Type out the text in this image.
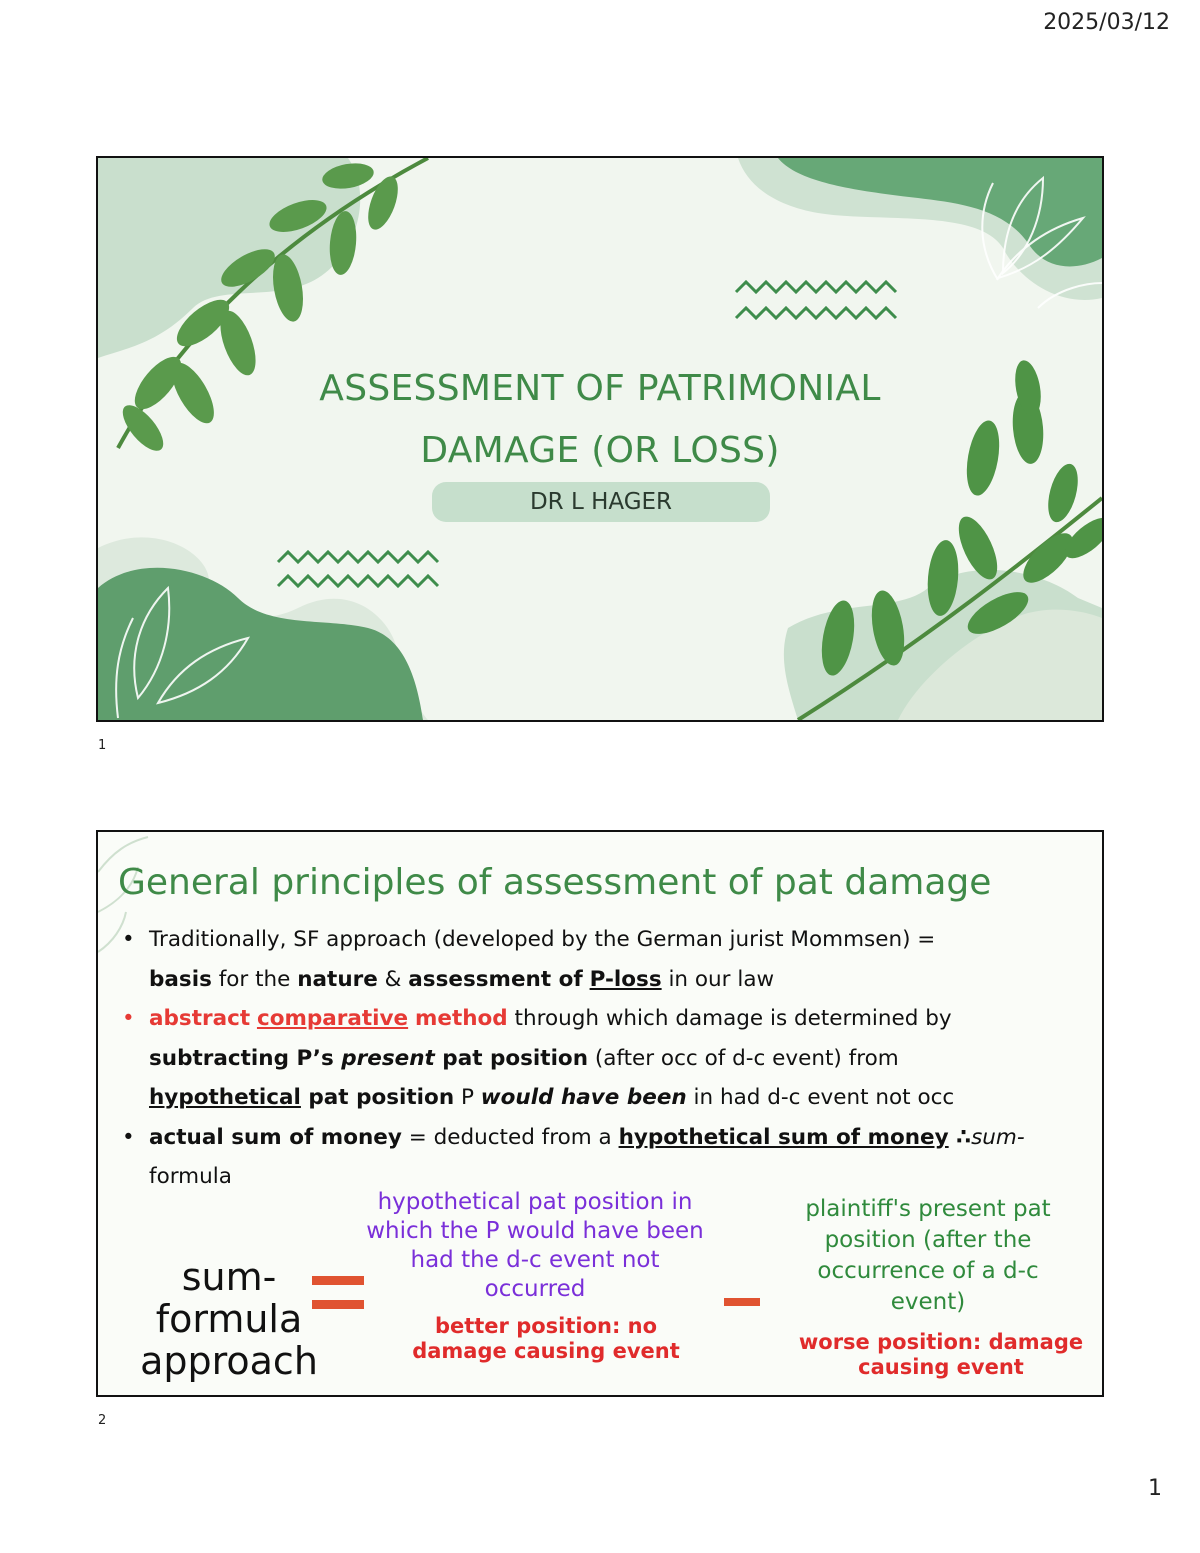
2025/03/12
ASSESSMENT OF PATRIMONIAL
DAMAGE (OR LOSS)
DR L HAGER
1
General principles of assessment of pat damage
• Traditionally, SF approach (developed by the German jurist Mommsen) =
basis for the nature & assessment of P-loss in our law
• abstract comparative method through which damage is determined by
subtracting P’s present pat position (after occ of d-c event) from
hypothetical pat position P would have been in had d-c event not occ
• actual sum of money = deducted from a hypothetical sum of money ∴sum-
formula
sum-
formula
approach
hypothetical pat position in which the P would have been had the d-c event not occurred
better position: no damage causing event
plaintiff's present pat position (after the occurrence of a d-c event)
worse position: damage causing event
2
1
